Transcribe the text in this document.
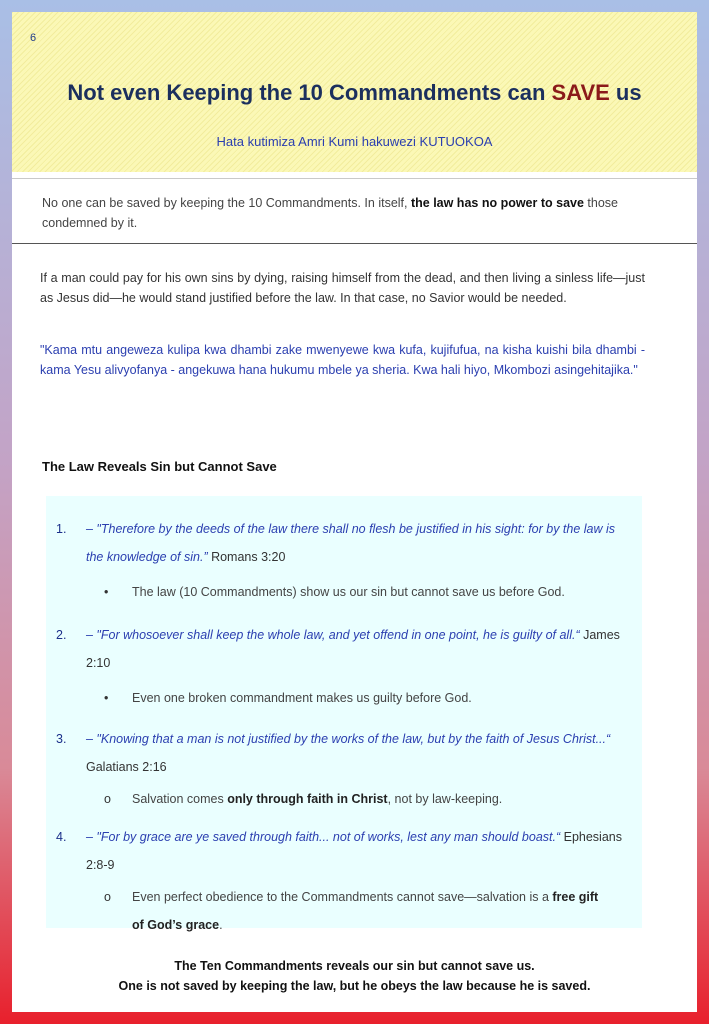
6
Not even Keeping the 10 Commandments can SAVE us
Hata kutimiza Amri Kumi hakuwezi KUTUOKOA

No one can be saved by keeping the 10 Commandments. In itself, the law has no power to save those condemned by it.

If a man could pay for his own sins by dying, raising himself from the dead, and then living a sinless life—just as Jesus did—he would stand justified before the law. In that case, no Savior would be needed.

"Kama mtu angeweza kulipa kwa dhambi zake mwenyewe kwa kufa, kujifufua, na kisha kuishi bila dhambi - kama Yesu alivyofanya - angekuwa hana hukumu mbele ya sheria. Kwa hali hiyo, Mkombozi asingehitajika."

The Law Reveals Sin but Cannot Save
1. – "Therefore by the deeds of the law there shall no flesh be justified in his sight: for by the law is the knowledge of sin.” Romans 3:20
• The law (10 Commandments) show us our sin but cannot save us before God.
2. – "For whosoever shall keep the whole law, and yet offend in one point, he is guilty of all.“ James 2:10
• Even one broken commandment makes us guilty before God.
3. – "Knowing that a man is not justified by the works of the law, but by the faith of Jesus Christ...“ Galatians 2:16
o Salvation comes only through faith in Christ, not by law-keeping.
4. – "For by grace are ye saved through faith... not of works, lest any man should boast.“ Ephesians 2:8-9
o Even perfect obedience to the Commandments cannot save—salvation is a free gift of God’s grace.
The Ten Commandments reveals our sin but cannot save us.
One is not saved by keeping the law, but he obeys the law because he is saved.
